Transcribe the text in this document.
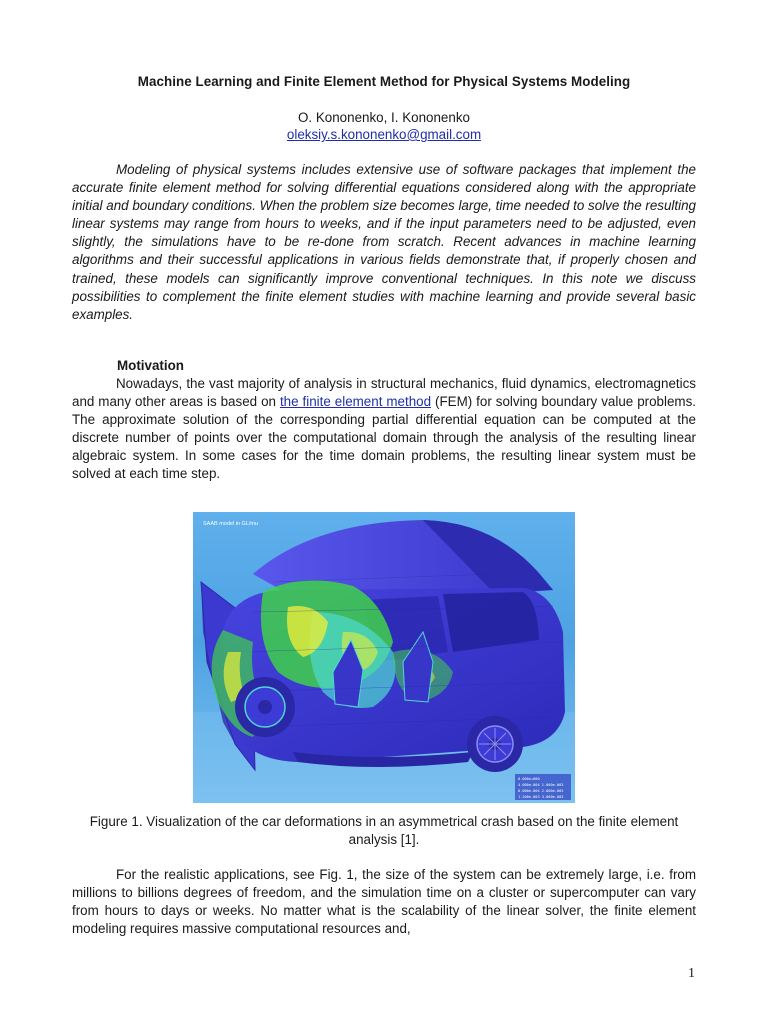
Machine Learning and Finite Element Method for Physical Systems Modeling
O. Kononenko, I. Kononenko
oleksiy.s.kononenko@gmail.com

Modeling of physical systems includes extensive use of software packages that implement the accurate finite element method for solving differential equations considered along with the appropriate initial and boundary conditions. When the problem size becomes large, time needed to solve the resulting linear systems may range from hours to weeks, and if the input parameters need to be adjusted, even slightly, the simulations have to be re-done from scratch. Recent advances in machine learning algorithms and their successful applications in various fields demonstrate that, if properly chosen and trained, these models can significantly improve conventional techniques. In this note we discuss possibilities to complement the finite element studies with machine learning and provide several basic examples.

Motivation

Nowadays, the vast majority of analysis in structural mechanics, fluid dynamics, electromagnetics and many other areas is based on the finite element method (FEM) for solving boundary value problems. The approximate solution of the corresponding partial differential equation can be computed at the discrete number of points over the computational domain through the analysis of the resulting linear algebraic system. In some cases for the time domain problems, the resulting linear system must be solved at each time step.

SAAB model in GL/mu
0.000e+000
4.000e-004 1.000e-003
8.000e-004 2.000e-003
1.200e-003 3.000e-003
Figure 1. Visualization of the car deformations in an asymmetrical crash based on the finite element analysis [1].

For the realistic applications, see Fig. 1, the size of the system can be extremely large, i.e. from millions to billions degrees of freedom, and the simulation time on a cluster or supercomputer can vary from hours to days or weeks. No matter what is the scalability of the linear solver, the finite element modeling requires massive computational resources and,

1
